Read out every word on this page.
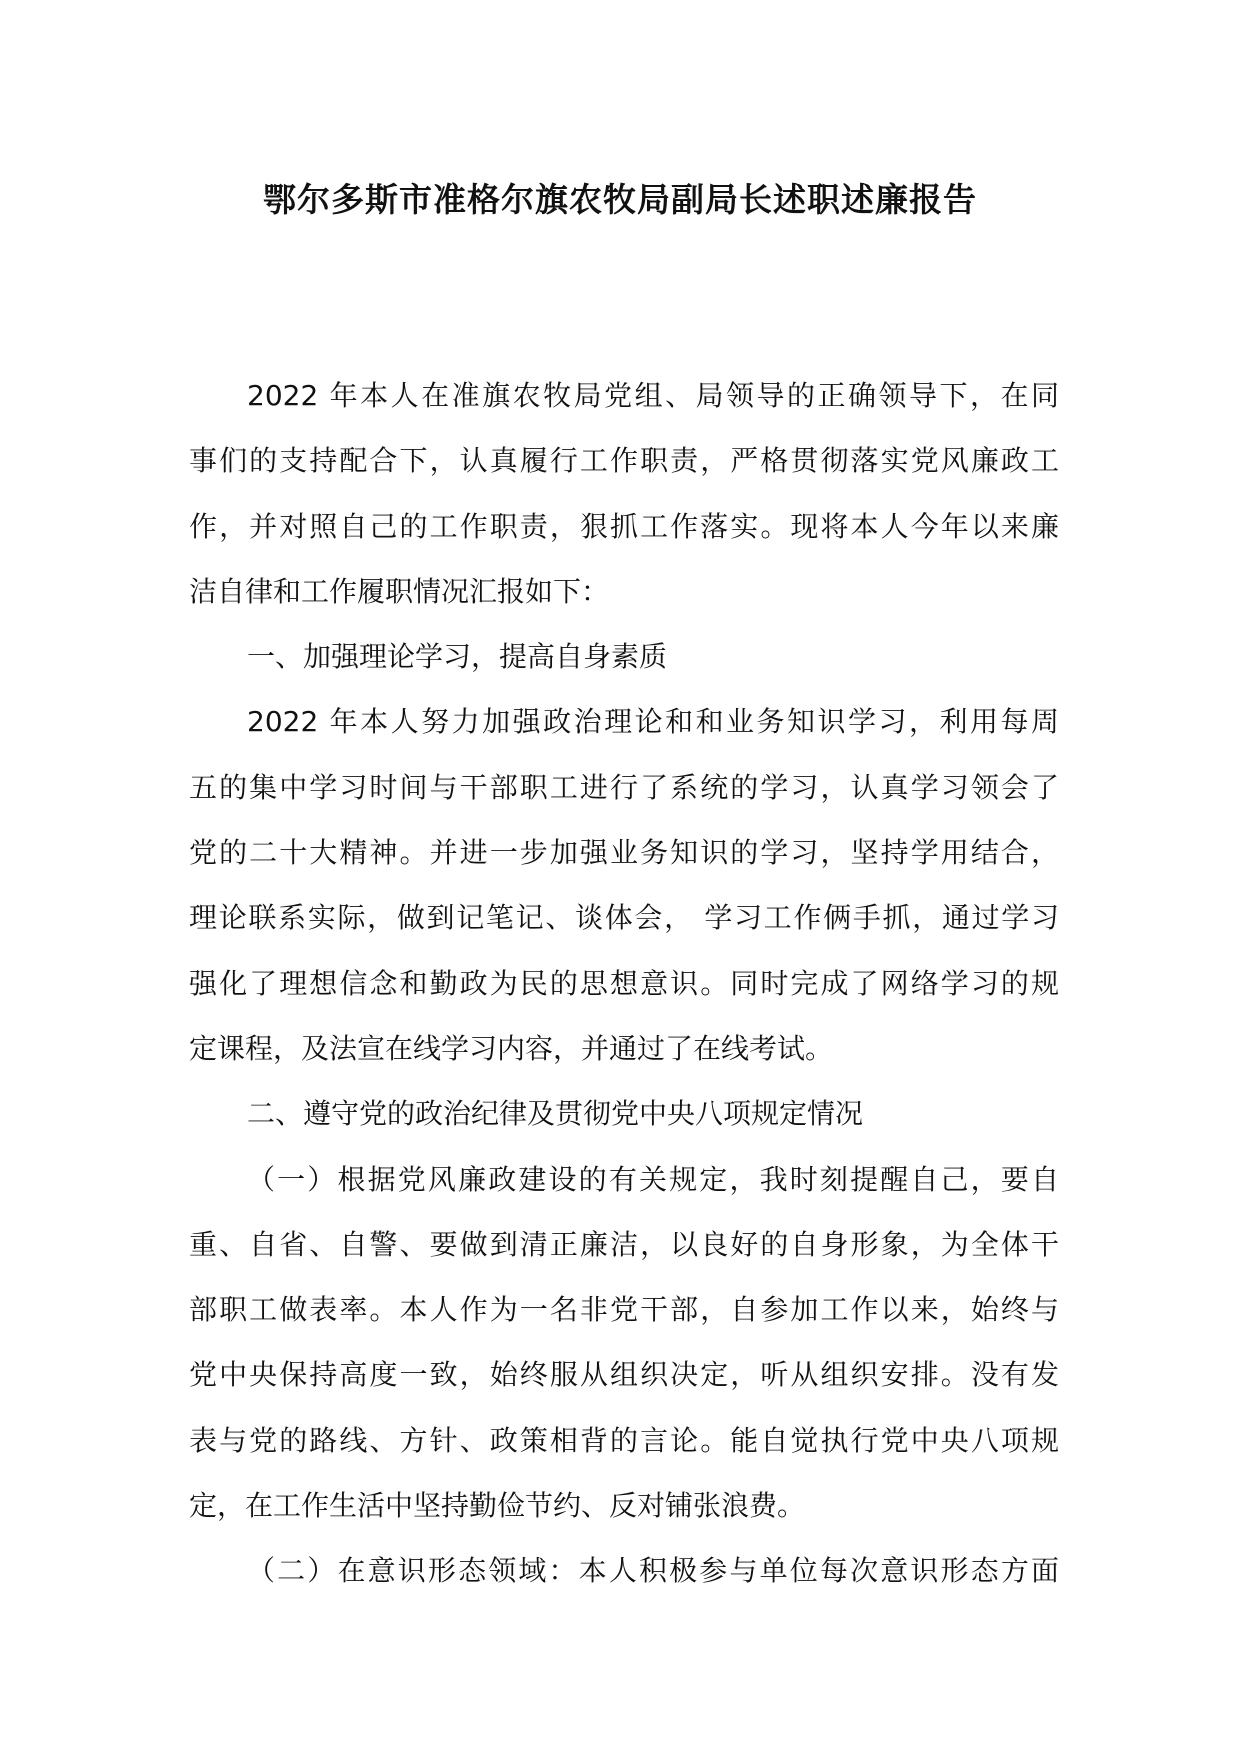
鄂尔多斯市准格尔旗农牧局副局长述职述廉报告
2022 年本人在准旗农牧局党组、局领导的正确领导下，在同
事们的支持配合下，认真履行工作职责，严格贯彻落实党风廉政工
作，并对照自己的工作职责，狠抓工作落实。现将本人今年以来廉
洁自律和工作履职情况汇报如下：
一、加强理论学习，提高自身素质
2022 年本人努力加强政治理论和和业务知识学习，利用每周
五的集中学习时间与干部职工进行了系统的学习，认真学习领会了
党的二十大精神。并进一步加强业务知识的学习，坚持学用结合，
理论联系实际，做到记笔记、谈体会， 学习工作俩手抓，通过学习
强化了理想信念和勤政为民的思想意识。同时完成了网络学习的规
定课程，及法宣在线学习内容，并通过了在线考试。
二、遵守党的政治纪律及贯彻党中央八项规定情况
（一）根据党风廉政建设的有关规定，我时刻提醒自己，要自
重、自省、自警、要做到清正廉洁，以良好的自身形象，为全体干
部职工做表率。本人作为一名非党干部，自参加工作以来，始终与
党中央保持高度一致，始终服从组织决定，听从组织安排。没有发
表与党的路线、方针、政策相背的言论。能自觉执行党中央八项规
定，在工作生活中坚持勤俭节约、反对铺张浪费。
（二）在意识形态领域：本人积极参与单位每次意识形态方面
